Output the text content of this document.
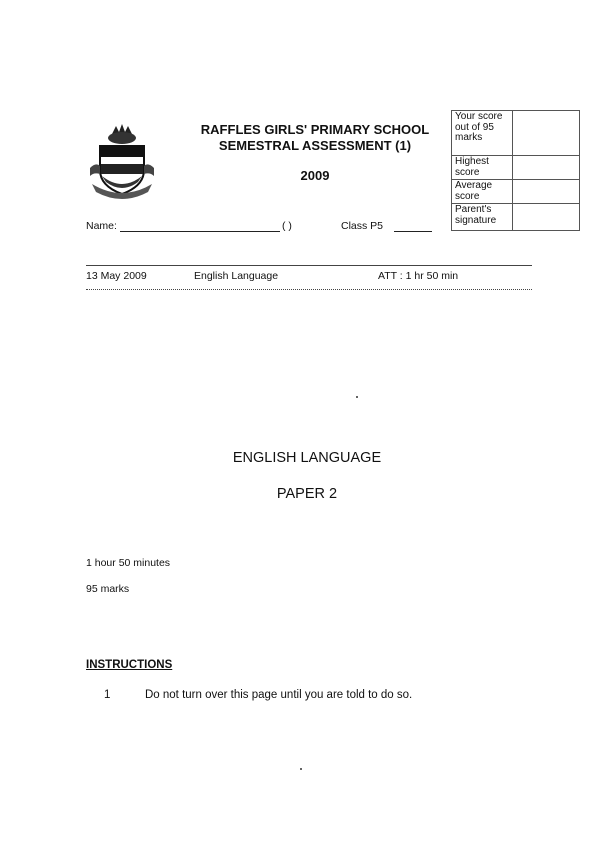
RAFFLES GIRLS' PRIMARY SCHOOL
SEMESTRAL ASSESSMENT (1)
2009
Name:	( )	Class P5
Your score out of 95 marks	
Highest score	
Average score	
Parent's signature	
13 May 2009	English Language	ATT : 1 hr 50 min
ENGLISH LANGUAGE
PAPER 2
1 hour 50 minutes
95 marks
INSTRUCTIONS
1	Do not turn over this page until you are told to do so.
